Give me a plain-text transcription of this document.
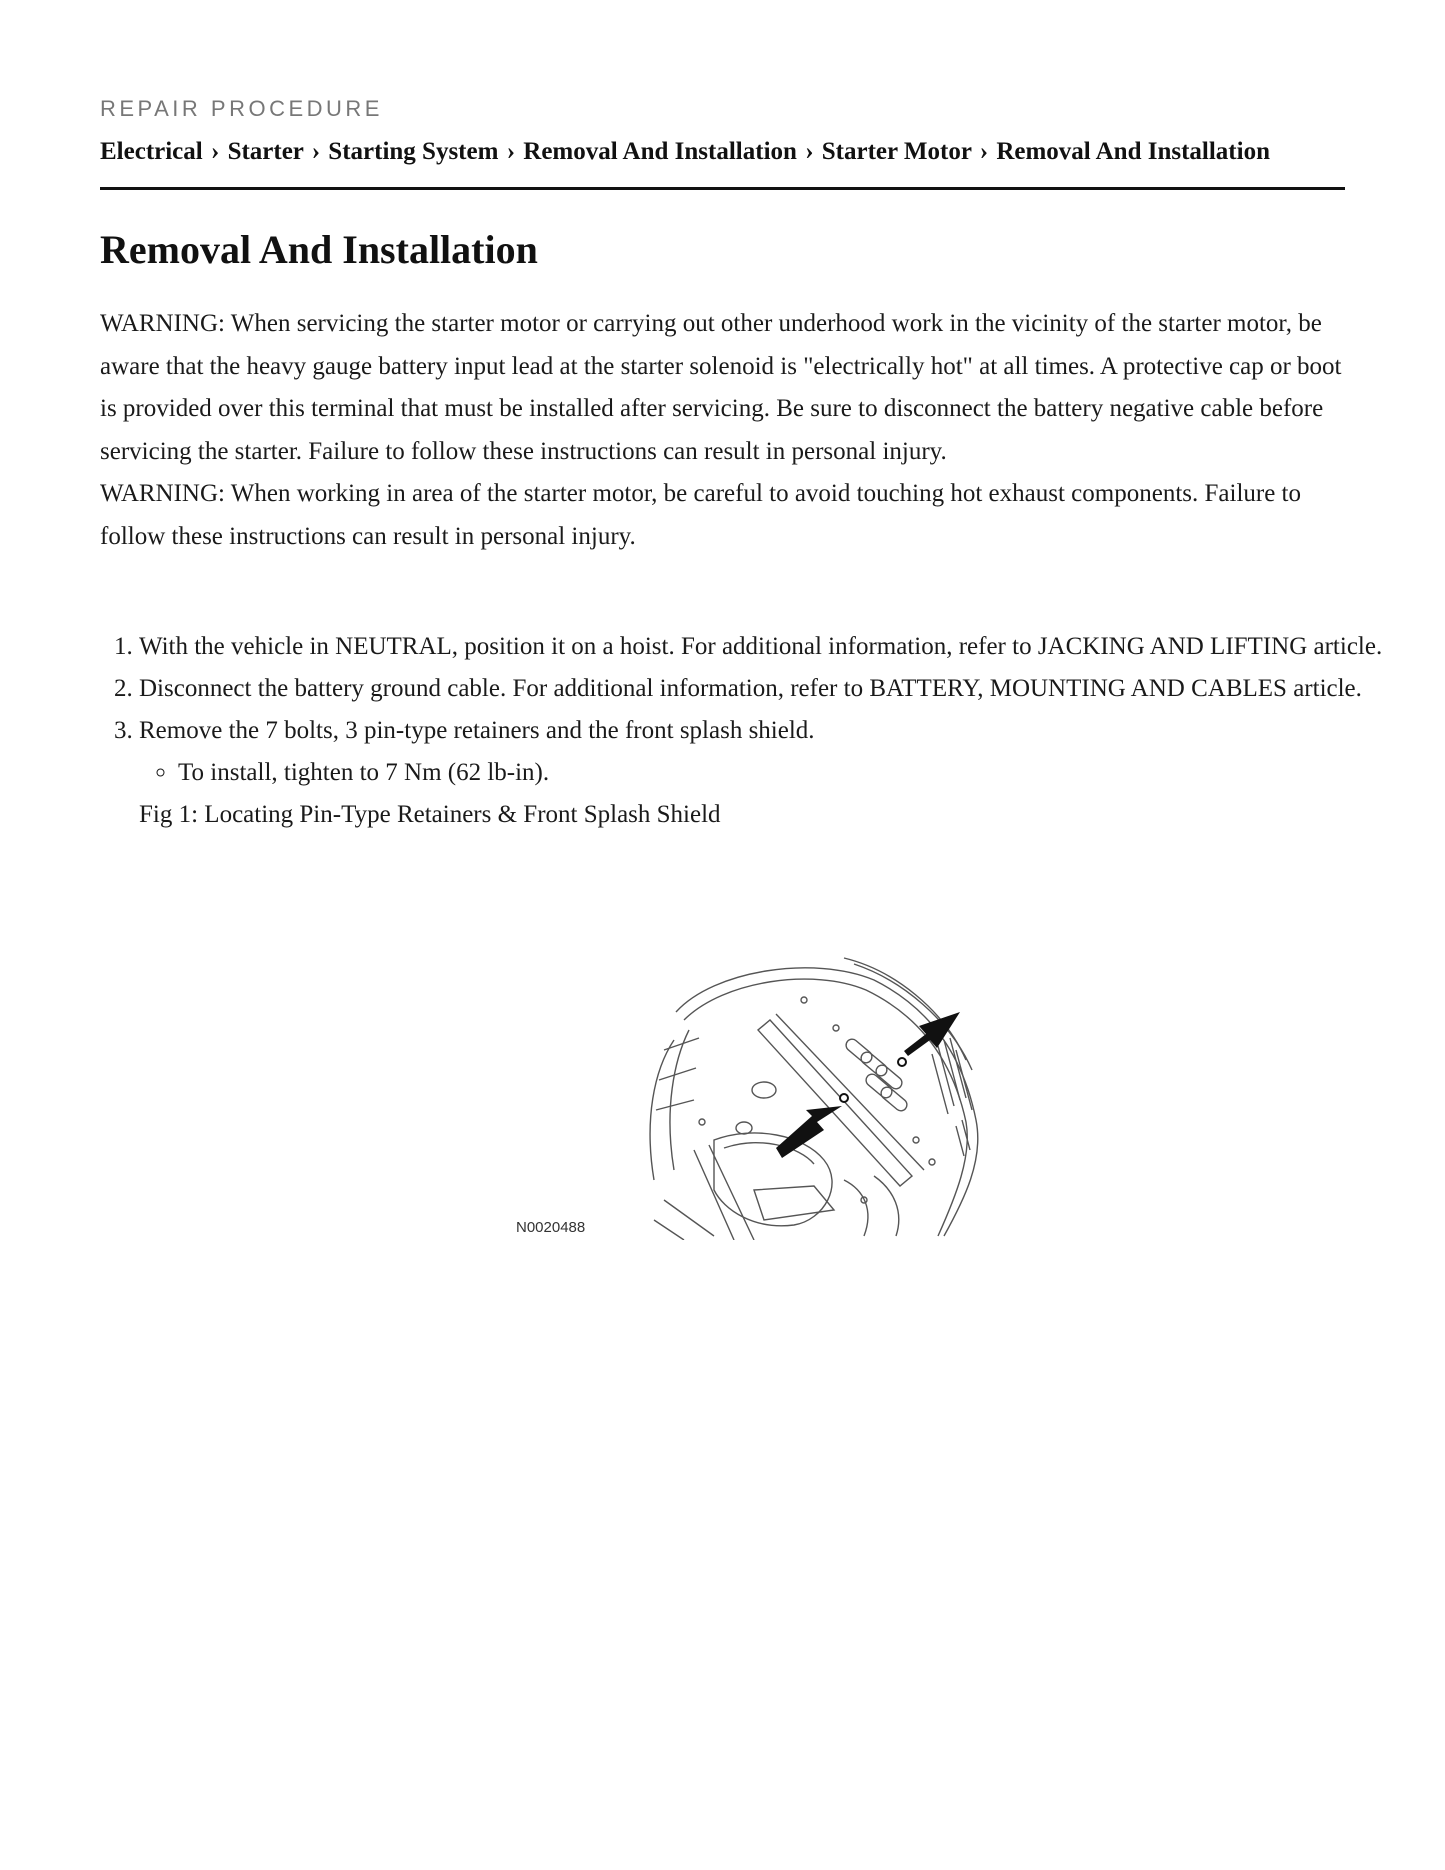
REPAIR PROCEDURE
Electrical › Starter › Starting System › Removal And Installation › Starter Motor › Removal And Installation
Removal And Installation

WARNING: When servicing the starter motor or carrying out other underhood work in the vicinity of the starter motor, be aware that the heavy gauge battery input lead at the starter solenoid is "electrically hot" at all times. A protective cap or boot is provided over this terminal that must be installed after servicing. Be sure to disconnect the battery negative cable before servicing the starter. Failure to follow these instructions can result in personal injury.

WARNING: When working in area of the starter motor, be careful to avoid touching hot exhaust components. Failure to follow these instructions can result in personal injury.

1. With the vehicle in NEUTRAL, position it on a hoist. For additional information, refer to JACKING AND LIFTING article.
2. Disconnect the battery ground cable. For additional information, refer to BATTERY, MOUNTING AND CABLES article.
3. Remove the 7 bolts, 3 pin-type retainers and the front splash shield.
◦ To install, tighten to 7 Nm (62 lb-in).

Fig 1: Locating Pin-Type Retainers & Front Splash Shield

N0020488
